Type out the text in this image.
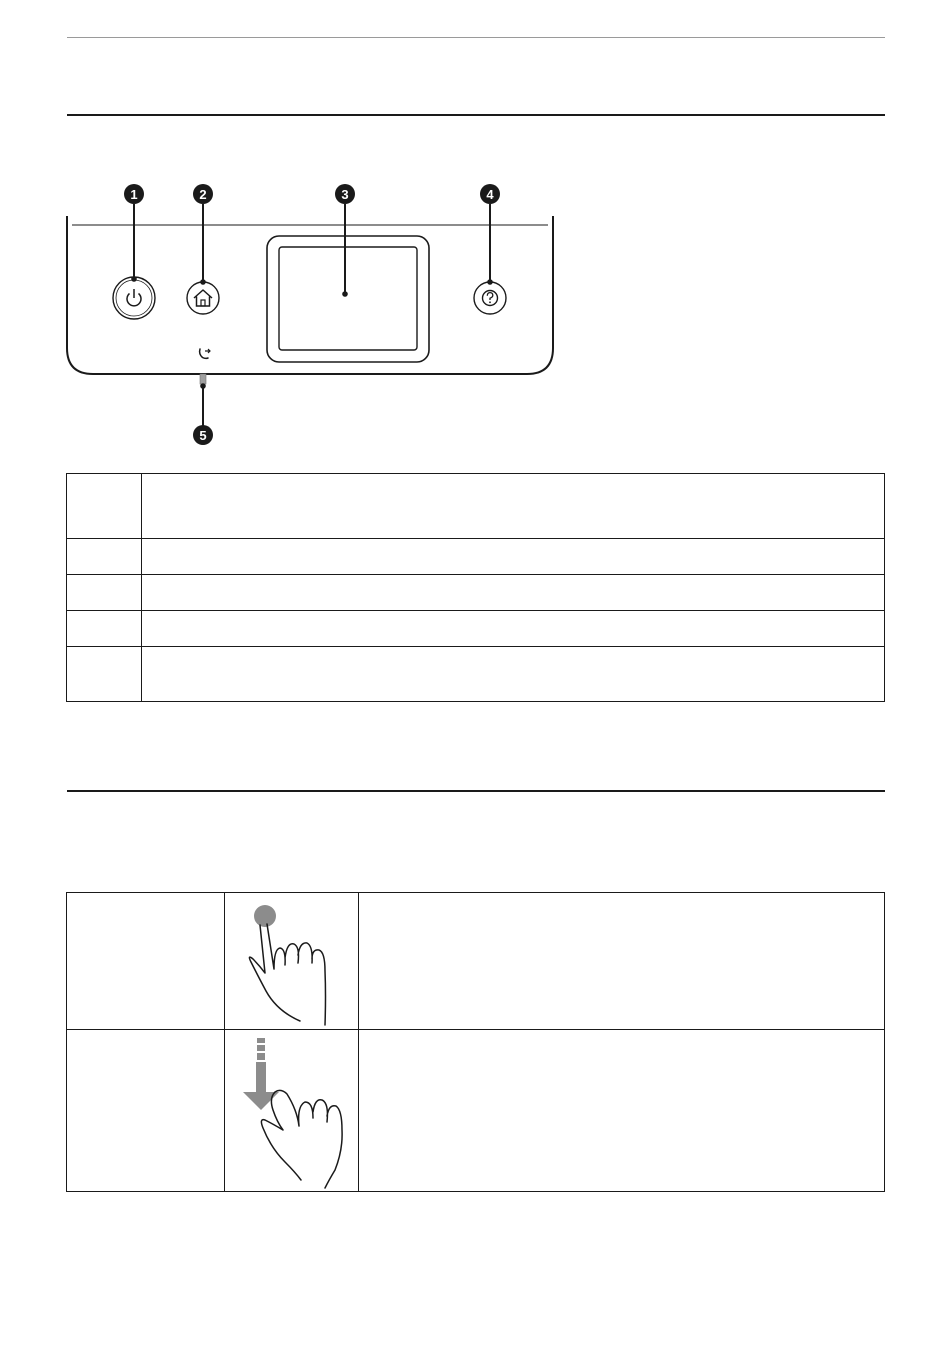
1	2	3	4
5
